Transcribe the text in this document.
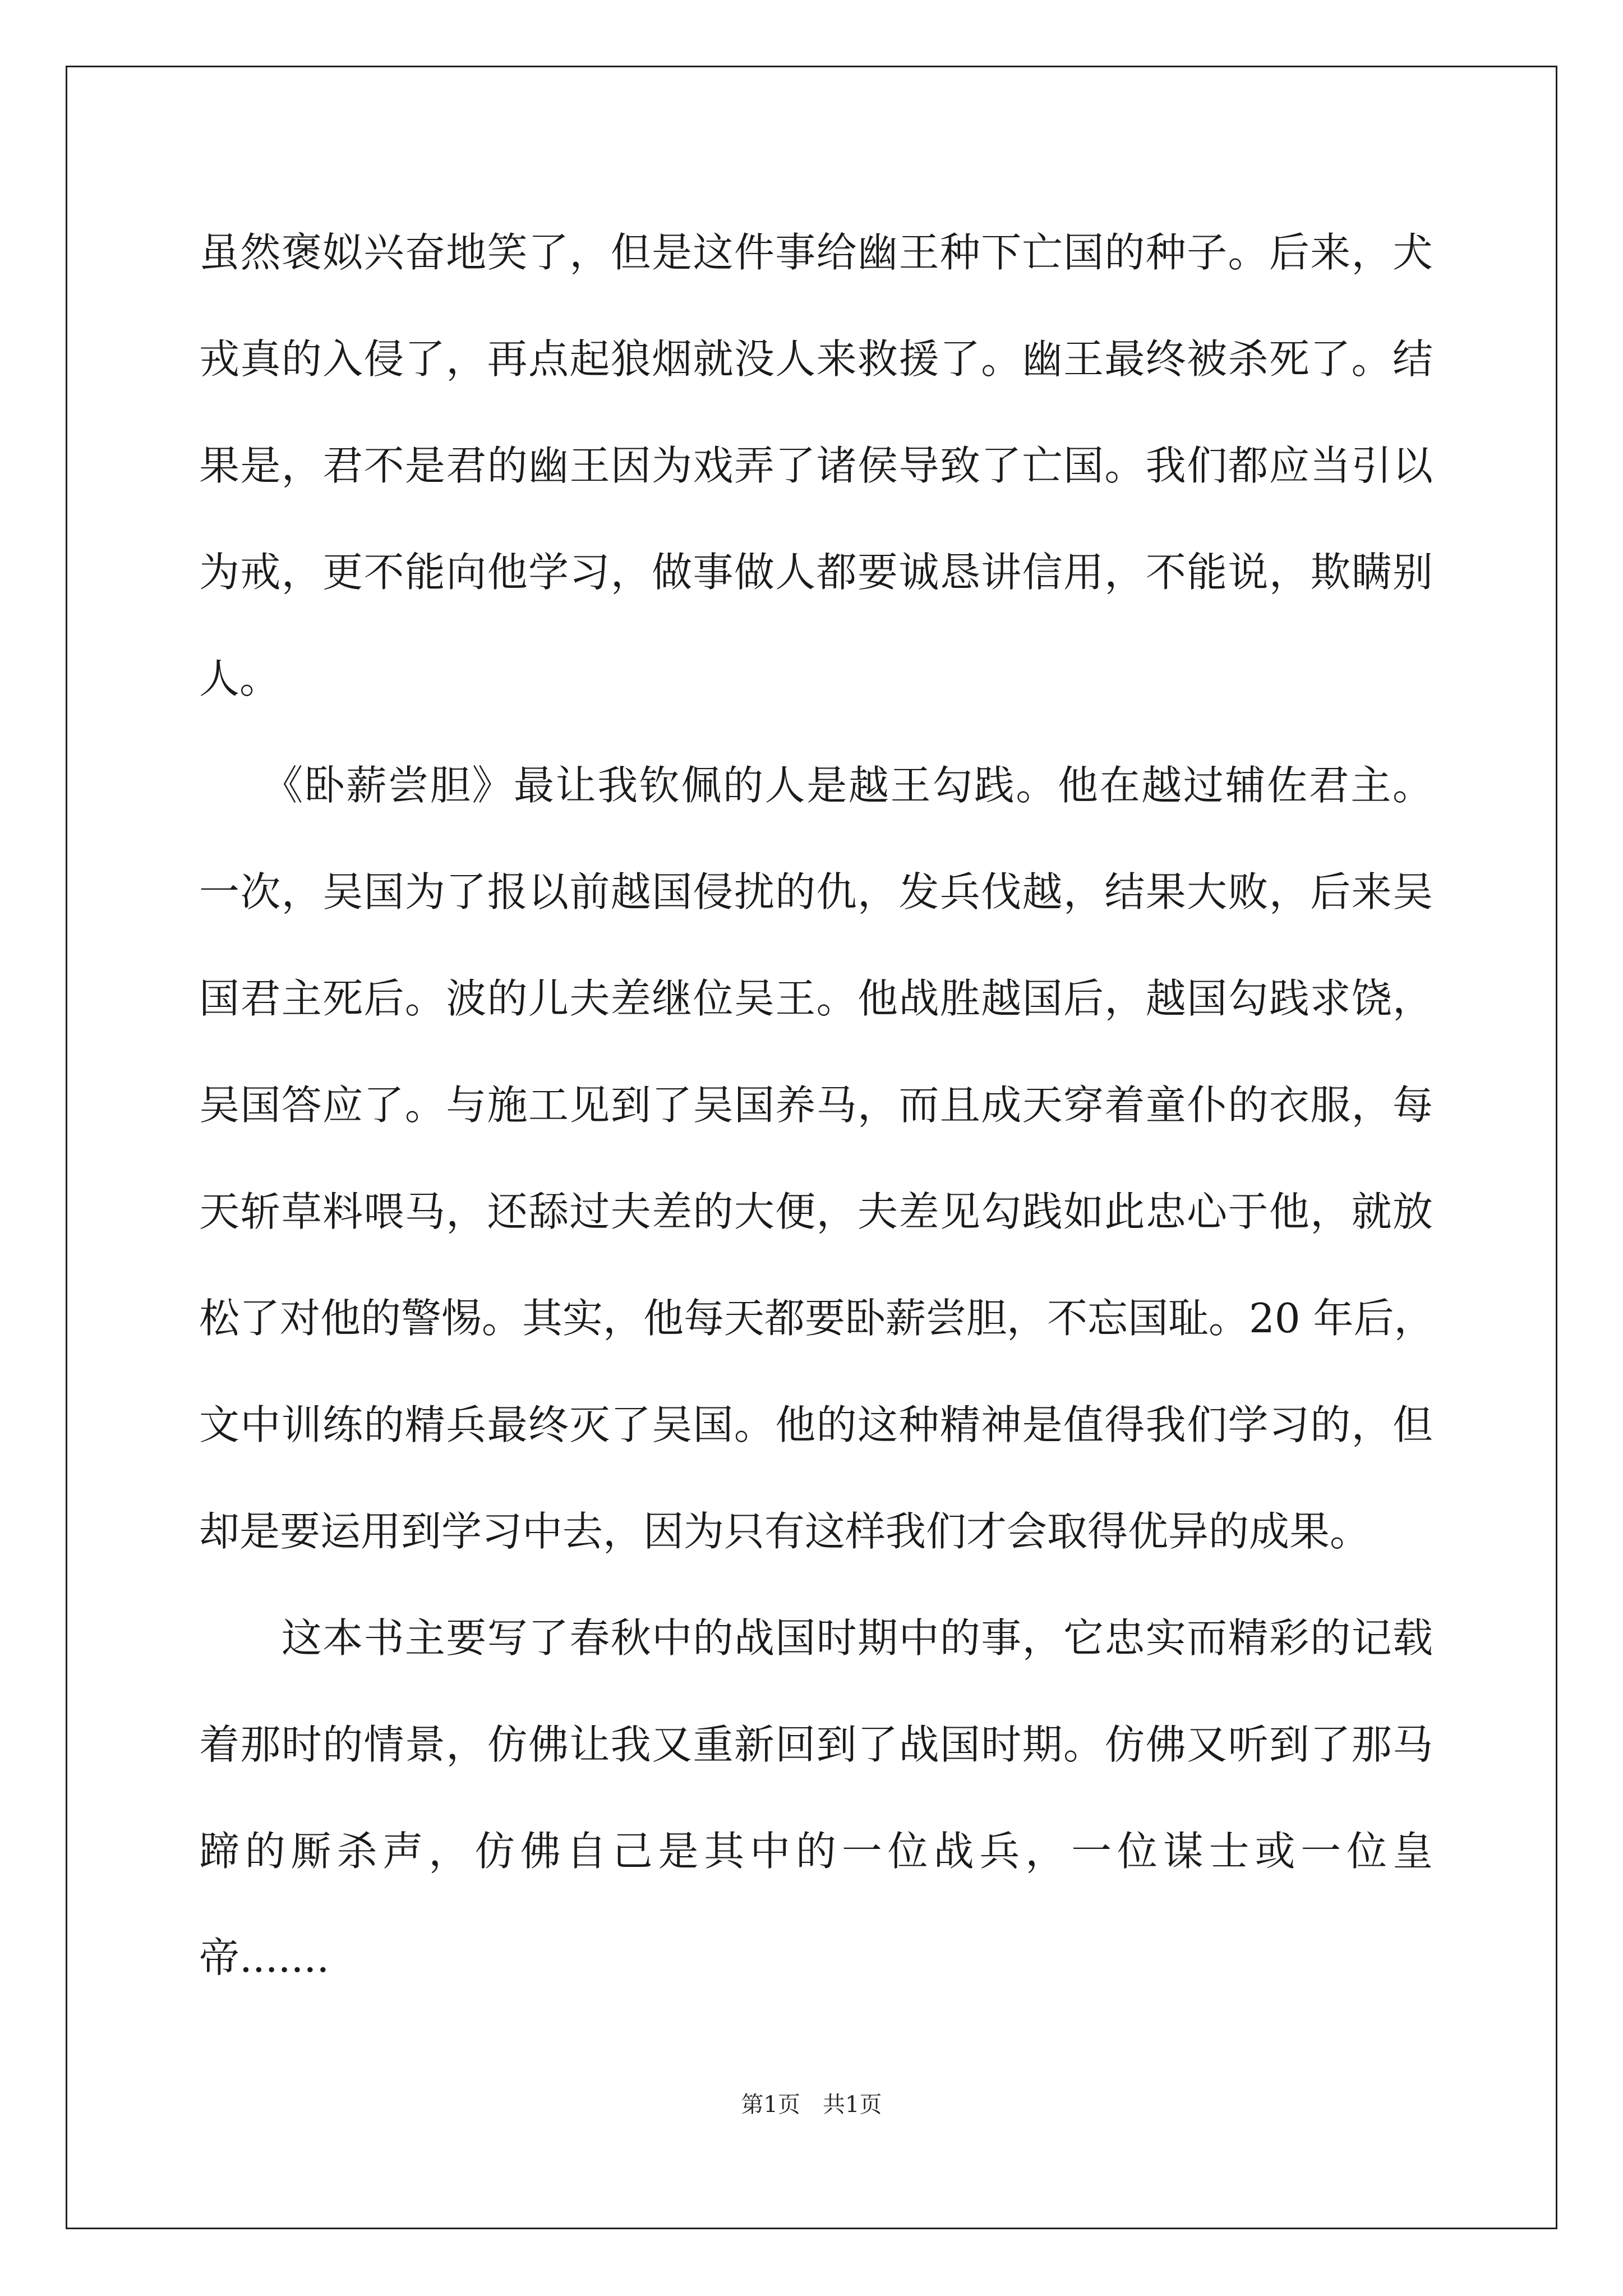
虽然褒姒兴奋地笑了，但是这件事给幽王种下亡国的种子。后来，犬
戎真的入侵了，再点起狼烟就没人来救援了。幽王最终被杀死了。结
果是，君不是君的幽王因为戏弄了诸侯导致了亡国。我们都应当引以
为戒，更不能向他学习，做事做人都要诚恳讲信用，不能说，欺瞒别
人。
　　《卧薪尝胆》最让我钦佩的人是越王勾践。他在越过辅佐君主。
一次，吴国为了报以前越国侵扰的仇，发兵伐越，结果大败，后来吴
国君主死后。波的儿夫差继位吴王。他战胜越国后，越国勾践求饶，
吴国答应了。与施工见到了吴国养马，而且成天穿着童仆的衣服，每
天斩草料喂马，还舔过夫差的大便，夫差见勾践如此忠心于他，就放
松了对他的警惕。其实，他每天都要卧薪尝胆，不忘国耻。20 年后，
文中训练的精兵最终灭了吴国。他的这种精神是值得我们学习的，但
却是要运用到学习中去，因为只有这样我们才会取得优异的成果。
　　这本书主要写了春秋中的战国时期中的事，它忠实而精彩的记载
着那时的情景，仿佛让我又重新回到了战国时期。仿佛又听到了那马
蹄的厮杀声，仿佛自己是其中的一位战兵，一位谋士或一位皇
帝.......
第1页　共1页
